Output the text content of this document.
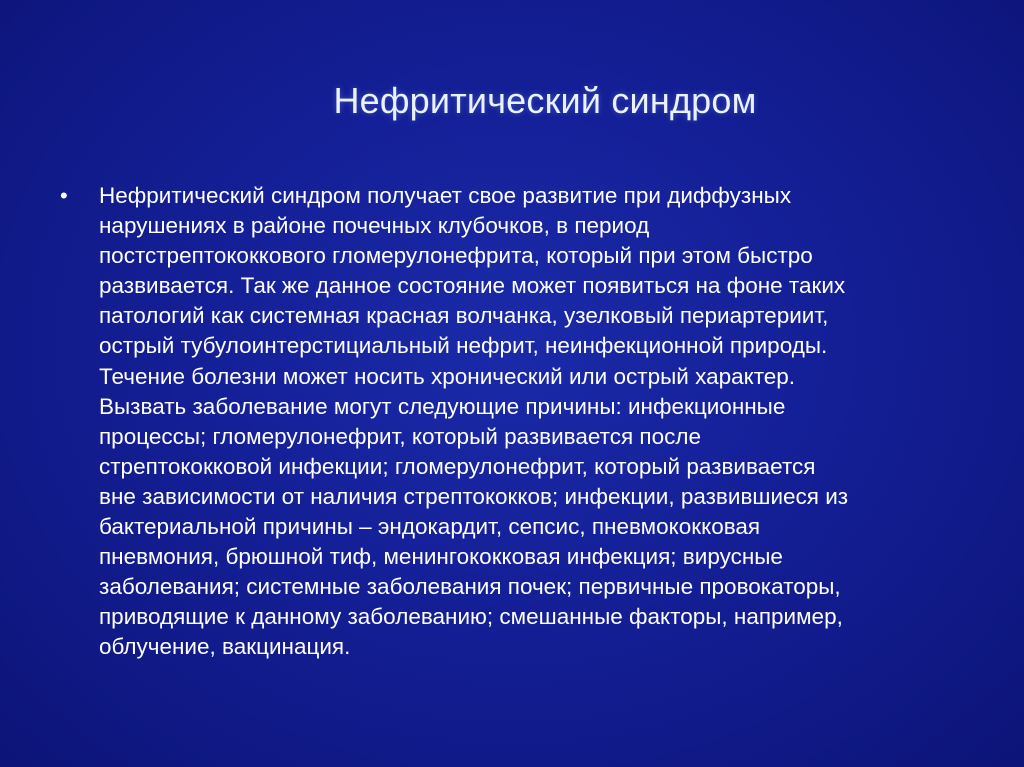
Нефритический синдром
• Нефритический синдром получает свое развитие при диффузных
нарушениях в районе почечных клубочков, в период
постстрептококкового гломерулонефрита, который при этом быстро
развивается. Так же данное состояние может появиться на фоне таких
патологий как системная красная волчанка, узелковый периартериит,
острый тубулоинтерстициальный нефрит, неинфекционной природы.
Течение болезни может носить хронический или острый характер.
Вызвать заболевание могут следующие причины: инфекционные
процессы; гломерулонефрит, который развивается после
стрептококковой инфекции; гломерулонефрит, который развивается
вне зависимости от наличия стрептококков; инфекции, развившиеся из
бактериальной причины – эндокардит, сепсис, пневмококковая
пневмония, брюшной тиф, менингококковая инфекция; вирусные
заболевания; системные заболевания почек; первичные провокаторы,
приводящие к данному заболеванию; смешанные факторы, например,
облучение, вакцинация.
